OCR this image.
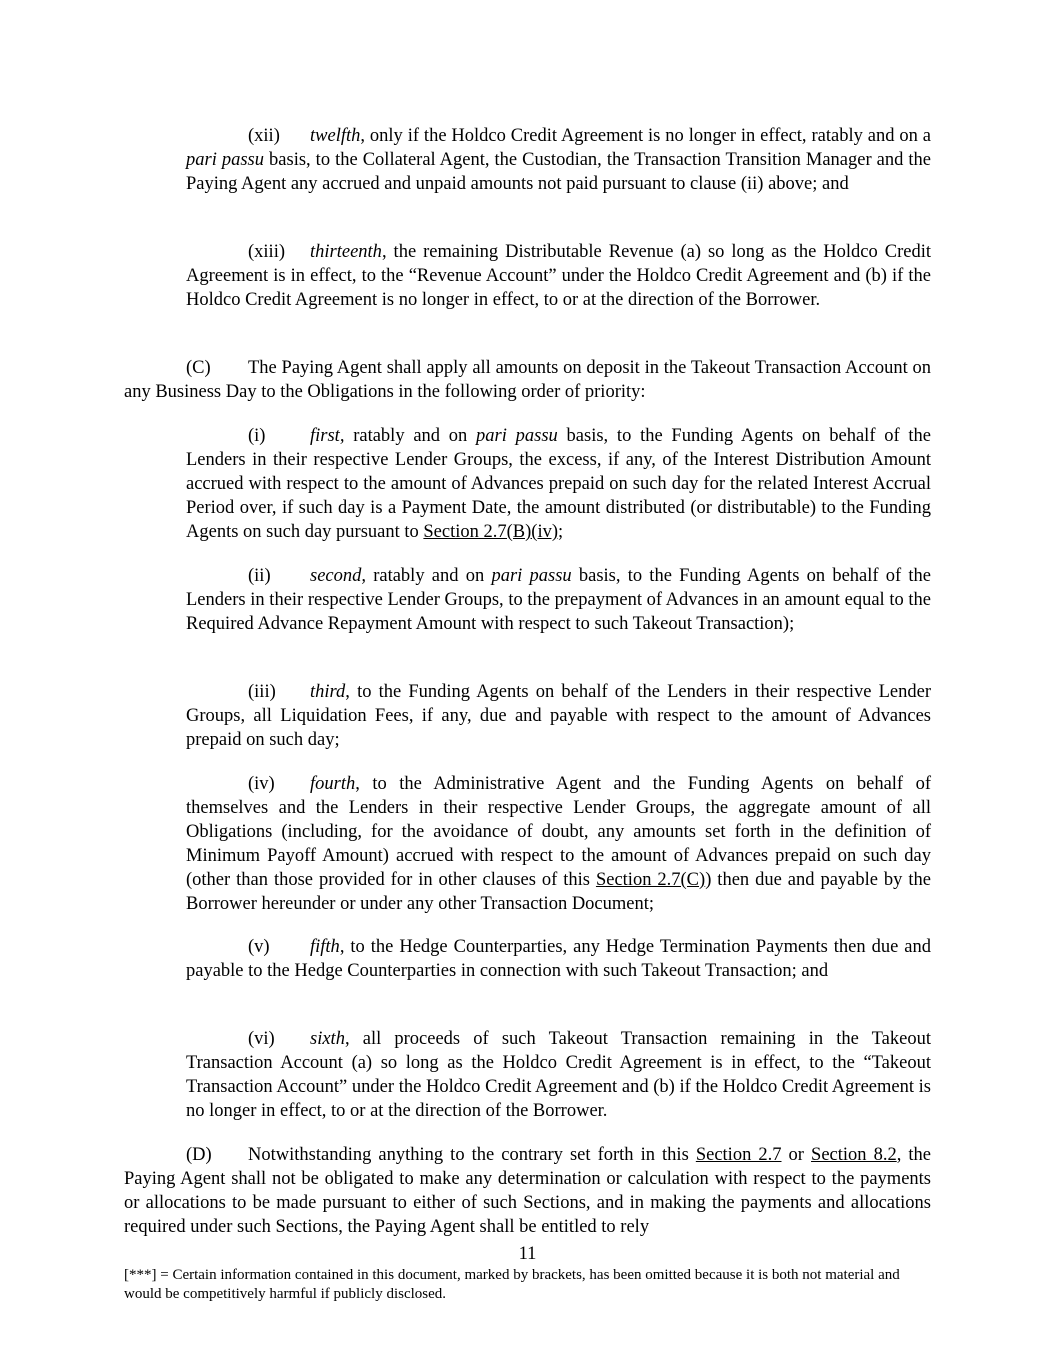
(xii) twelfth, only if the Holdco Credit Agreement is no longer in effect, ratably and on a pari passu basis, to the Collateral Agent, the Custodian, the Transaction Transition Manager and the Paying Agent any accrued and unpaid amounts not paid pursuant to clause (ii) above; and

(xiii) thirteenth, the remaining Distributable Revenue (a) so long as the Holdco Credit Agreement is in effect, to the “Revenue Account” under the Holdco Credit Agreement and (b) if the Holdco Credit Agreement is no longer in effect, to or at the direction of the Borrower.

(C) The Paying Agent shall apply all amounts on deposit in the Takeout Transaction Account on any Business Day to the Obligations in the following order of priority:

(i) first, ratably and on pari passu basis, to the Funding Agents on behalf of the Lenders in their respective Lender Groups, the excess, if any, of the Interest Distribution Amount accrued with respect to the amount of Advances prepaid on such day for the related Interest Accrual Period over, if such day is a Payment Date, the amount distributed (or distributable) to the Funding Agents on such day pursuant to Section 2.7(B)(iv);

(ii) second, ratably and on pari passu basis, to the Funding Agents on behalf of the Lenders in their respective Lender Groups, to the prepayment of Advances in an amount equal to the Required Advance Repayment Amount with respect to such Takeout Transaction);

(iii) third, to the Funding Agents on behalf of the Lenders in their respective Lender Groups, all Liquidation Fees, if any, due and payable with respect to the amount of Advances prepaid on such day;

(iv) fourth, to the Administrative Agent and the Funding Agents on behalf of themselves and the Lenders in their respective Lender Groups, the aggregate amount of all Obligations (including, for the avoidance of doubt, any amounts set forth in the definition of Minimum Payoff Amount) accrued with respect to the amount of Advances prepaid on such day (other than those provided for in other clauses of this Section 2.7(C)) then due and payable by the Borrower hereunder or under any other Transaction Document;

(v) fifth, to the Hedge Counterparties, any Hedge Termination Payments then due and payable to the Hedge Counterparties in connection with such Takeout Transaction; and

(vi) sixth, all proceeds of such Takeout Transaction remaining in the Takeout Transaction Account (a) so long as the Holdco Credit Agreement is in effect, to the “Takeout Transaction Account” under the Holdco Credit Agreement and (b) if the Holdco Credit Agreement is no longer in effect, to or at the direction of the Borrower.

(D) Notwithstanding anything to the contrary set forth in this Section 2.7 or Section 8.2, the Paying Agent shall not be obligated to make any determination or calculation with respect to the payments or allocations to be made pursuant to either of such Sections, and in making the payments and allocations required under such Sections, the Paying Agent shall be entitled to rely

11
[***] = Certain information contained in this document, marked by brackets, has been omitted because it is both not material and would be competitively harmful if publicly disclosed.
